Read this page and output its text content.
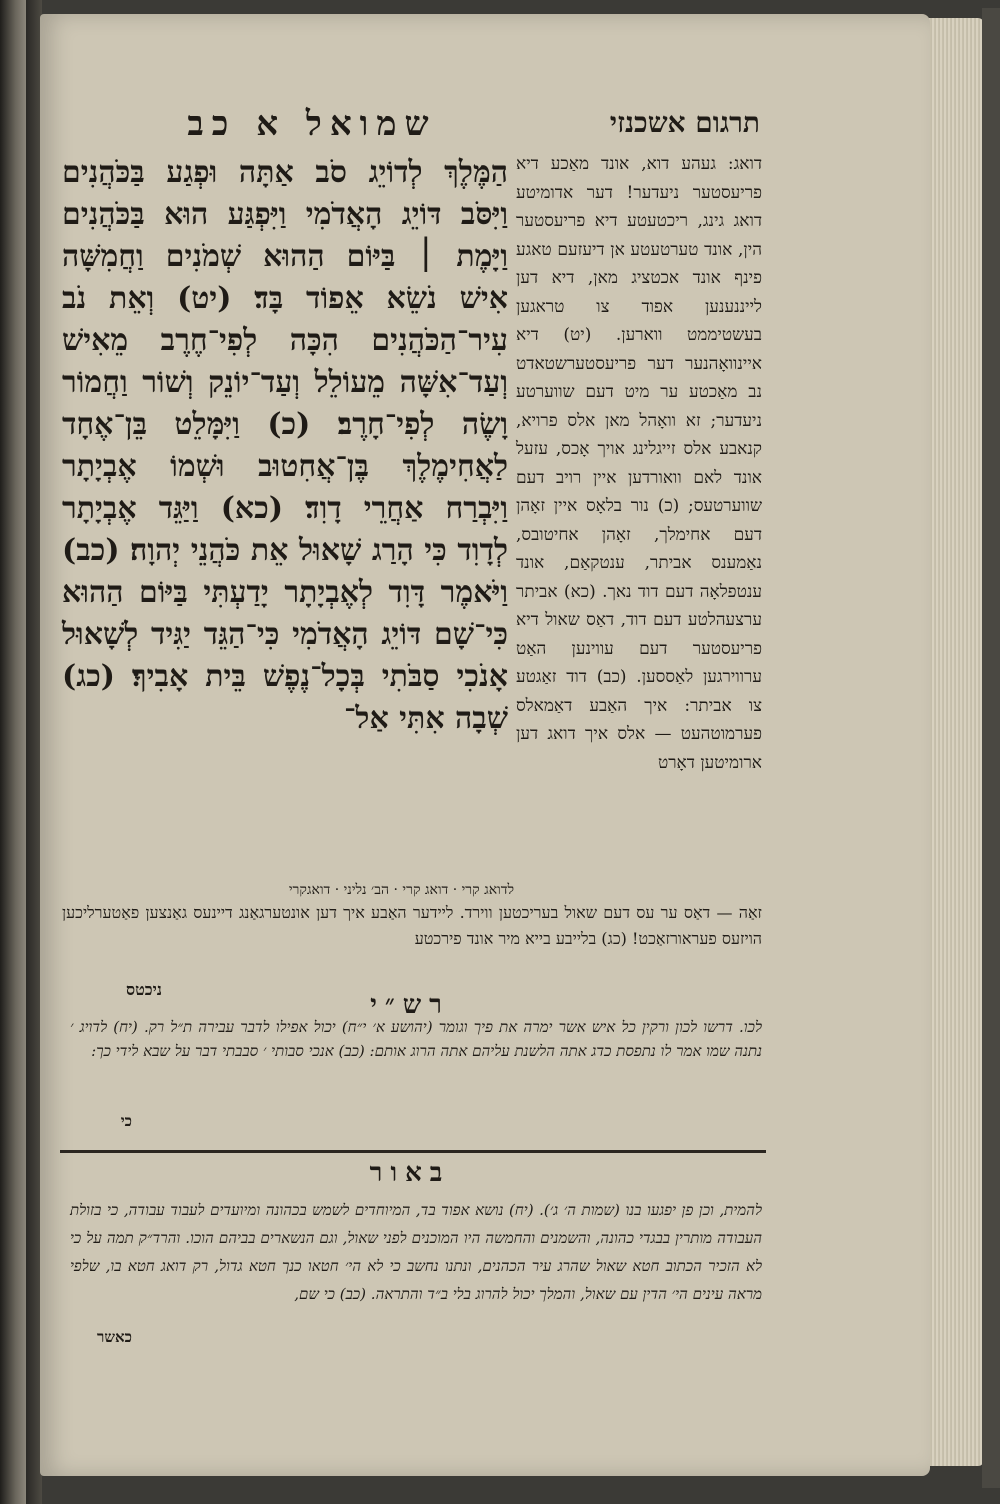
שמואל א כב	תרגום אשכנזי
הַמֶּלֶךְ לְדוֹיֵג סֹב אַתָּה וּפְגַע בַּכֹּהֲנִים וַיִּסֹּב דּוֹיֵג הָאֲדֹמִי וַיִּפְגַּע הוּא בַּכֹּהֲנִים וַיָּמֶת ׀ בַּיּוֹם הַהוּא שְׁמֹנִים וַחֲמִשָּׁה אִישׁ נֹשֵׂא אֵפוֹד בָּד׃ (יט) וְאֵת נֹב עִיר־הַכֹּהֲנִים הִכָּה לְפִי־חֶרֶב מֵאִישׁ וְעַד־אִשָּׁה מֵעוֹלֵל וְעַד־יוֹנֵק וְשׁוֹר וַחֲמוֹר וָשֶׂה לְפִי־חָרֶב׃ (כ) וַיִּמָּלֵט בֵּן־אֶחָד לַאֲחִימֶלֶךְ בֶּן־אֲחִטוּב וּשְׁמוֹ אֶבְיָתָר וַיִּבְרַח אַחֲרֵי דָוִד׃ (כא) וַיַּגֵּד אֶבְיָתָר לְדָוִד כִּי הָרַג שָׁאוּל אֵת כֹּהֲנֵי יְהוָה׃ (כב) וַיֹּאמֶר דָּוִד לְאֶבְיָתָר יָדַעְתִּי בַּיּוֹם הַהוּא כִּי־שָׁם דּוֹיֵג הָאֲדֹמִי כִּי־הַגֵּד יַגִּיד לְשָׁאוּל אָנֹכִי סַבֹּתִי בְּכָל־נֶפֶשׁ בֵּית אָבִיךָ׃ (כג) שְׁבָה אִתִּי אַל־
דואג: געהע דוא, אונד מאַכע דיא פריעסטער ניעדער! דער אדומיטע דואג גינג, ריכטעטע דיא פריעסטער הין, אונד טערטעטע אן דיעזעם טאגע פינף אונד אכטציג מאן, דיא דען לייננענען אפוד צו טראגען בעשטיממט ווארען. (יט) דיא איינוואָהנער דער פריעסטערשטאדט נב מאַכטע ער מיט דעם שווערטע ניעדער; זא וואָהל מאן אלס פרויא, קנאבע אלס זייגלינג אויך אָכס, עזעל אונד לאם וואורדען איין רויב דעם שווערטעס; (כ) נור בלאָס איין זאָהן דעם אחימלך, זאָהן אחיטובס, נאַמענס אביתר, ענטקאַם, אונד ענטפלאָה דעם דוד נאך. (כא) אביתר ערצעהלטע דעם דוד, דאַס שאול דיא פריעסטער דעם עווינען האַט ערווירגען לאַססען. (כב) דוד זאַגטע צו אביתר: איך האַבע דאַמאלס פערמוטהעט — אלס איך דואג דען ארומיטען דאָרט
לדואג קרי · דואג קרי · הב׳ נליני · דואגקרי
זאַה — דאַס ער עס דעם שאול בעריכטען ווירד. ליידער האַבע איך דען אונטערגאַנג דיינעס גאַנצען פאַטערליכען הויזעס פעראורזאַכט! (כג) בלייבע בייא מיר אונד פירכטע
ניכטס
רש״י
לכו. דרשו לכון ורקין כל איש אשר ימרה את פיך וגומר (יהושע א׳ י״ח) יכול אפילו לדבר עבירה ת״ל רק. (יח) לדויג ׳ נתנה שמו אמר לו נתפסת כדג אתה הלשנת עליהם אתה הרוג אותם: (כב) אנכי סבותי ׳ סבבתי דבר על שבא לידי כך:
כי
באור
להמית, וכן פן יפגעו בנו (שמות ה׳ ג׳). (יח) נושא אפוד בד, המיוחדים לשמש בכהונה ומיועדים לעבוד עבודה, כי בזולת העבודה מותרין בבגדי כהונה, והשמנים והחמשה היו המוכנים לפני שאול, וגם הנשארים בביהם הוכו. והרד״ק תמה על כי לא הזכיר הכתוב חטא שאול שהרג עיר הכהנים, ונתנו נחשב כי לא הי׳ חטאו כנך חטא גדול, רק דואג חטא בו, שלפי מראה עינים הי׳ הדין עם שאול, והמלך יכול להרוג בלי ב״ד והתראה. (כב) כי שם,
כאשר
